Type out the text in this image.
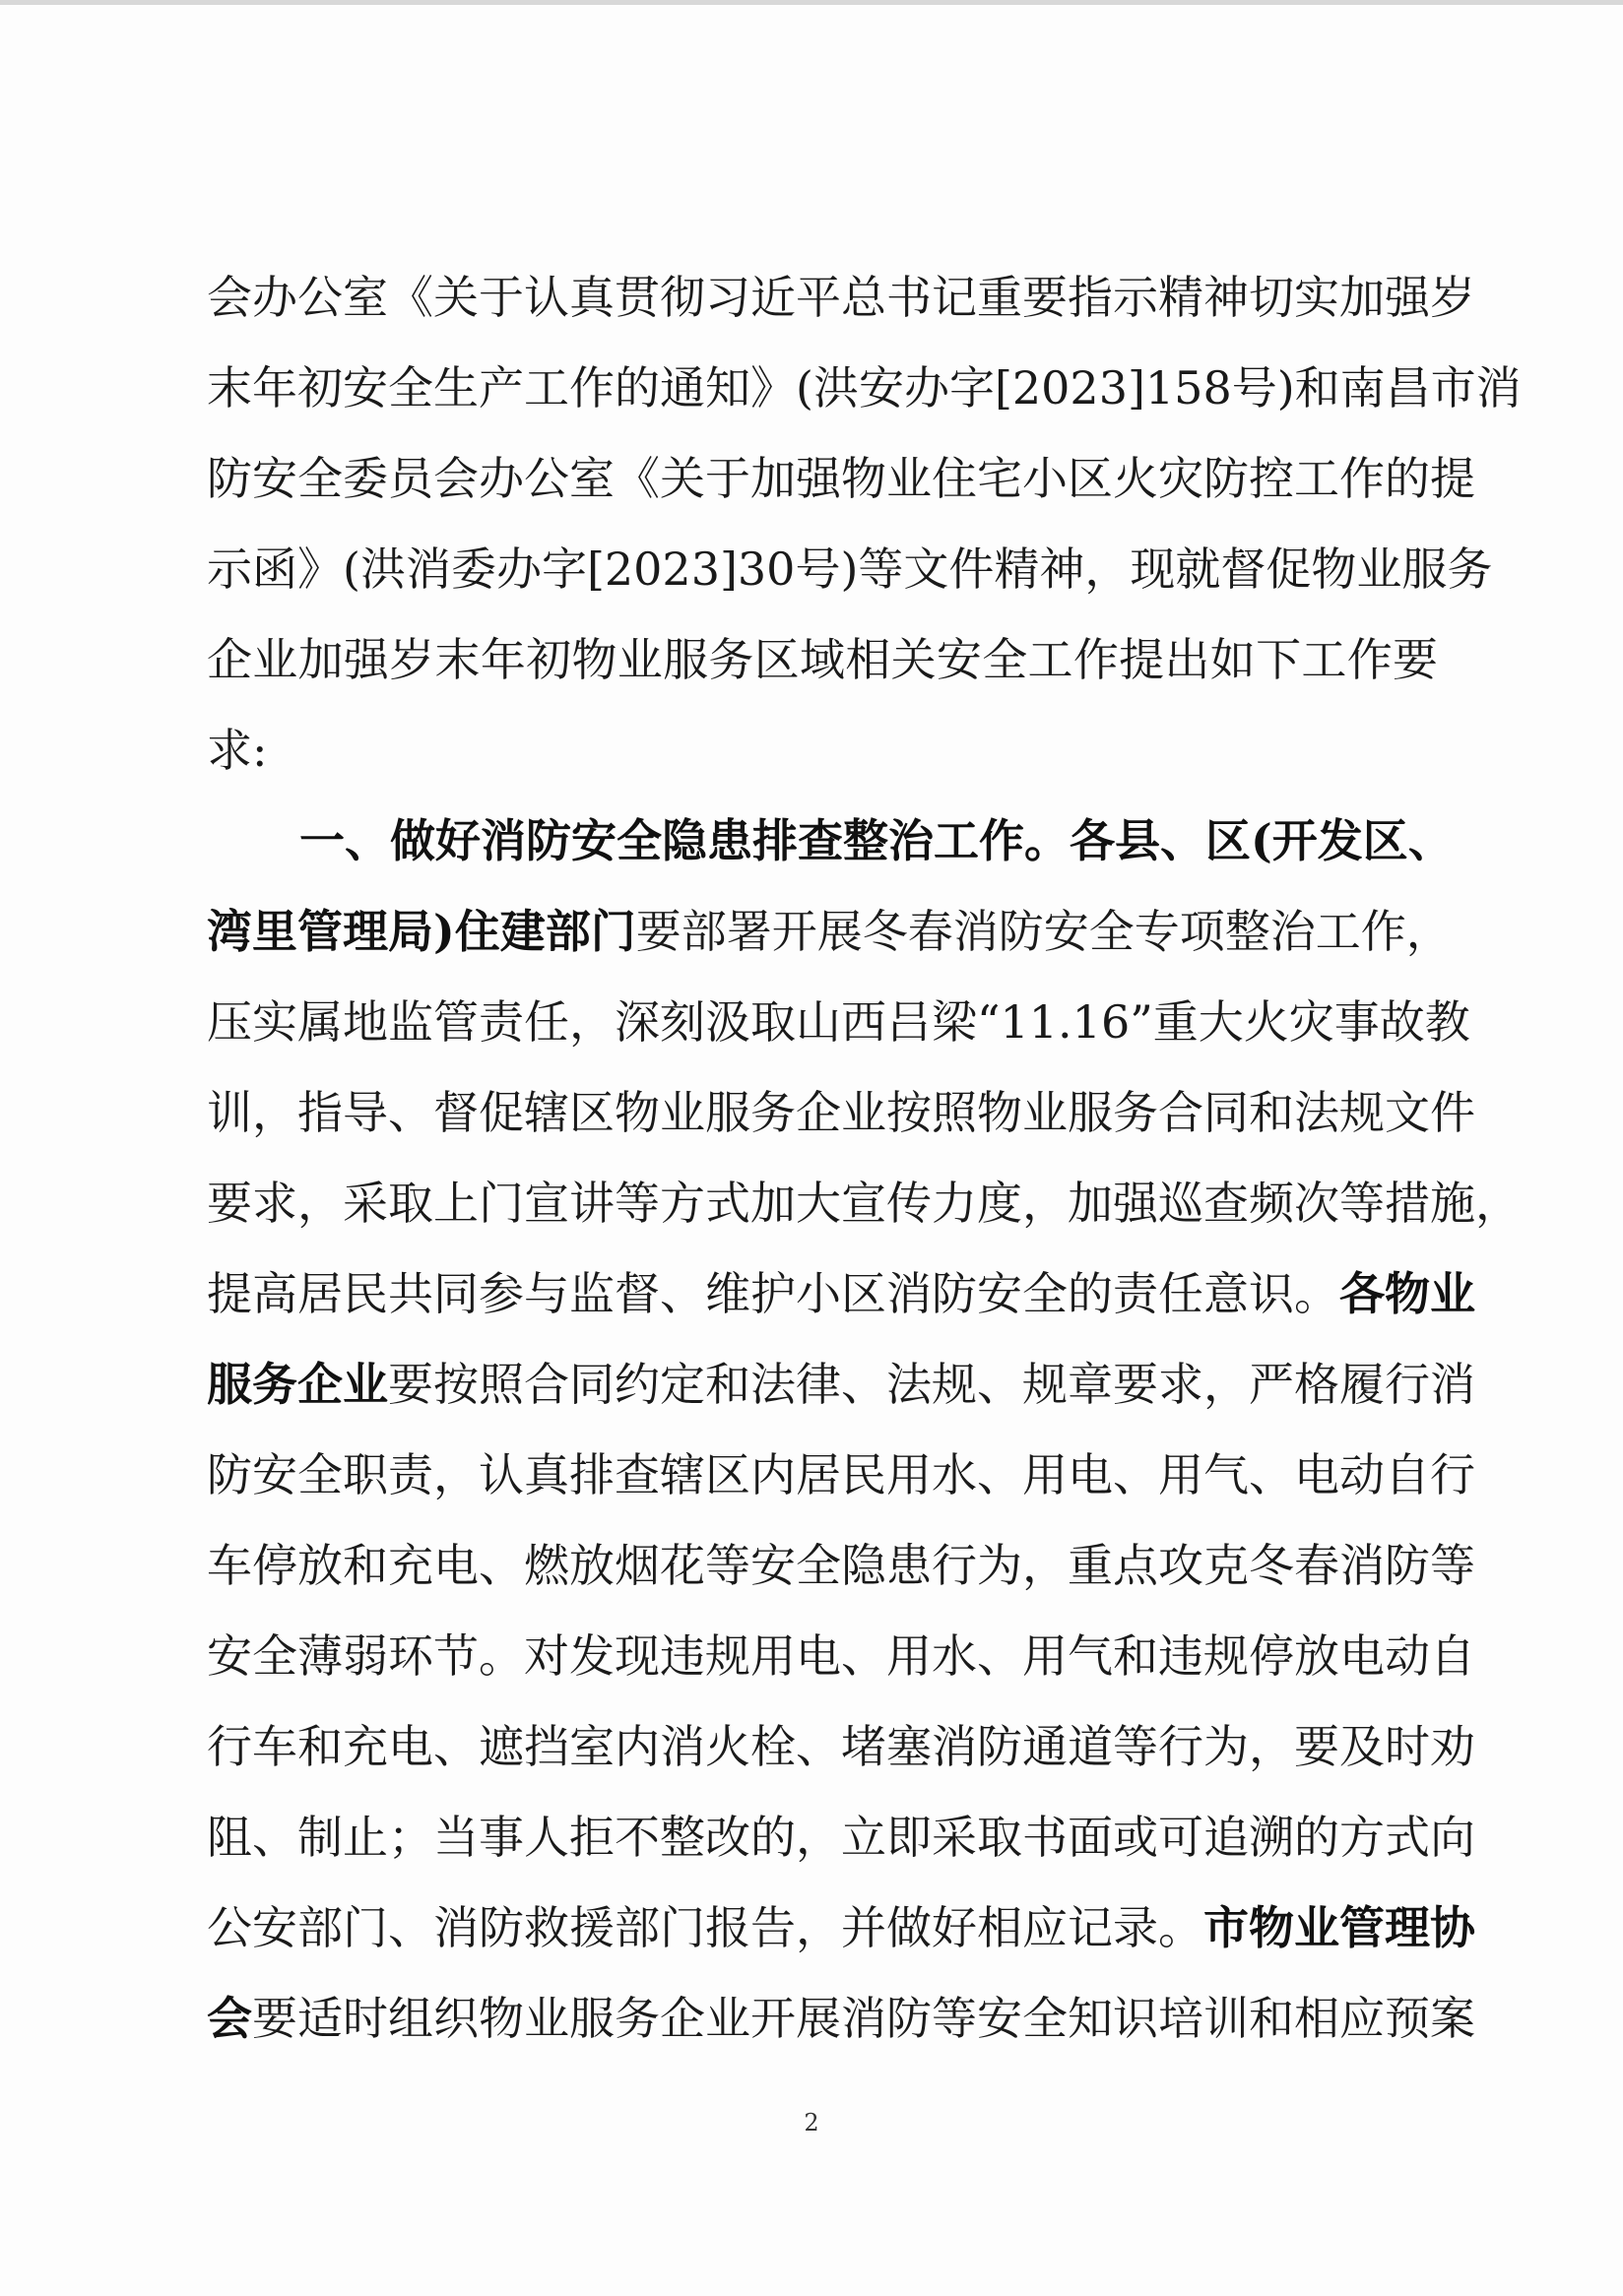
会办公室《关于认真贯彻习近平总书记重要指示精神切实加强岁
末年初安全生产工作的通知》(洪安办字[2023]158号)和南昌市消
防安全委员会办公室《关于加强物业住宅小区火灾防控工作的提
示函》(洪消委办字[2023]30号)等文件精神，现就督促物业服务
企业加强岁末年初物业服务区域相关安全工作提出如下工作要
求:
一、做好消防安全隐患排查整治工作。各县、区(开发区、
湾里管理局)住建部门要部署开展冬春消防安全专项整治工作，
压实属地监管责任，深刻汲取山西吕梁“11.16”重大火灾事故教
训，指导、督促辖区物业服务企业按照物业服务合同和法规文件
要求，采取上门宣讲等方式加大宣传力度，加强巡查频次等措施，
提高居民共同参与监督、维护小区消防安全的责任意识。各物业
服务企业要按照合同约定和法律、法规、规章要求，严格履行消
防安全职责，认真排查辖区内居民用水、用电、用气、电动自行
车停放和充电、燃放烟花等安全隐患行为，重点攻克冬春消防等
安全薄弱环节。对发现违规用电、用水、用气和违规停放电动自
行车和充电、遮挡室内消火栓、堵塞消防通道等行为，要及时劝
阻、制止；当事人拒不整改的，立即采取书面或可追溯的方式向
公安部门、消防救援部门报告，并做好相应记录。市物业管理协
会要适时组织物业服务企业开展消防等安全知识培训和相应预案
2
